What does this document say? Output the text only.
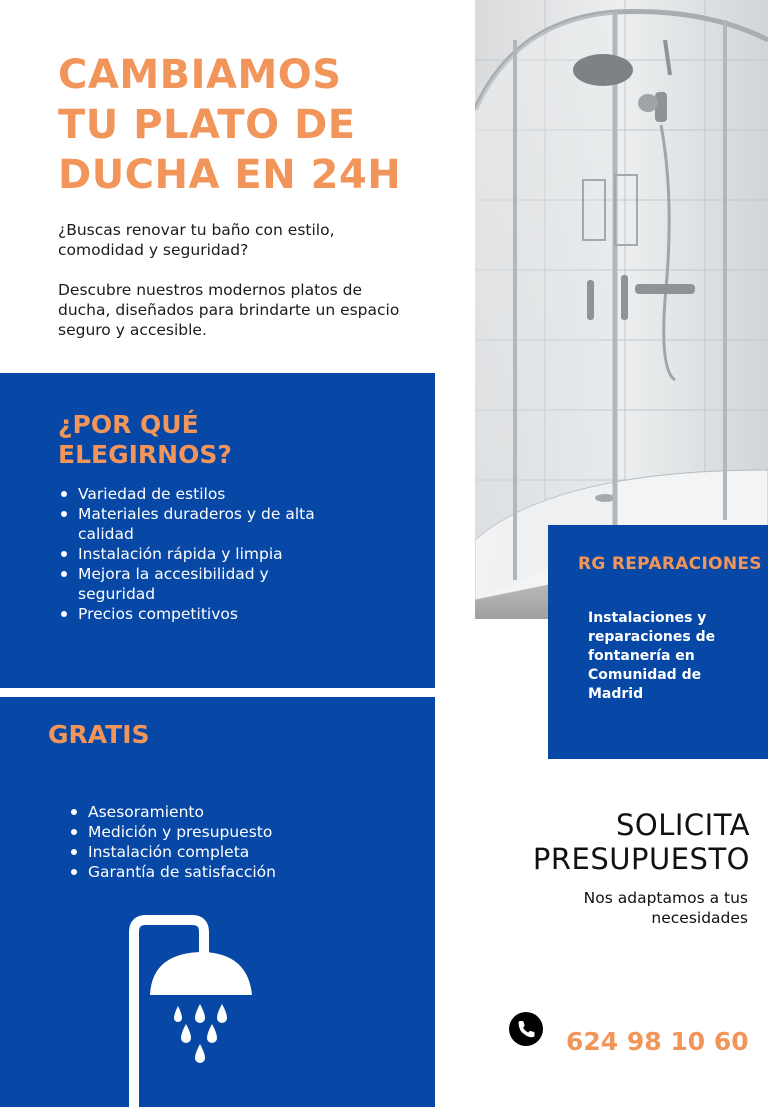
CAMBIAMOS
TU PLATO DE
DUCHA EN 24H

¿Buscas renovar tu baño con estilo, comodidad y seguridad?

Descubre nuestros modernos platos de ducha, diseñados para brindarte un espacio seguro y accesible.

¿POR QUÉ
ELEGIRNOS?
Variedad de estilos
Materiales duraderos y de alta calidad
Instalación rápida y limpia
Mejora la accesibilidad y seguridad
Precios competitivos
GRATIS
Asesoramiento
Medición y presupuesto
Instalación completa
Garantía de satisfacción
RG REPARACIONES
Instalaciones y reparaciones de fontanería en Comunidad de Madrid
SOLICITA
PRESUPUESTO
Nos adaptamos a tus necesidades
624 98 10 60
